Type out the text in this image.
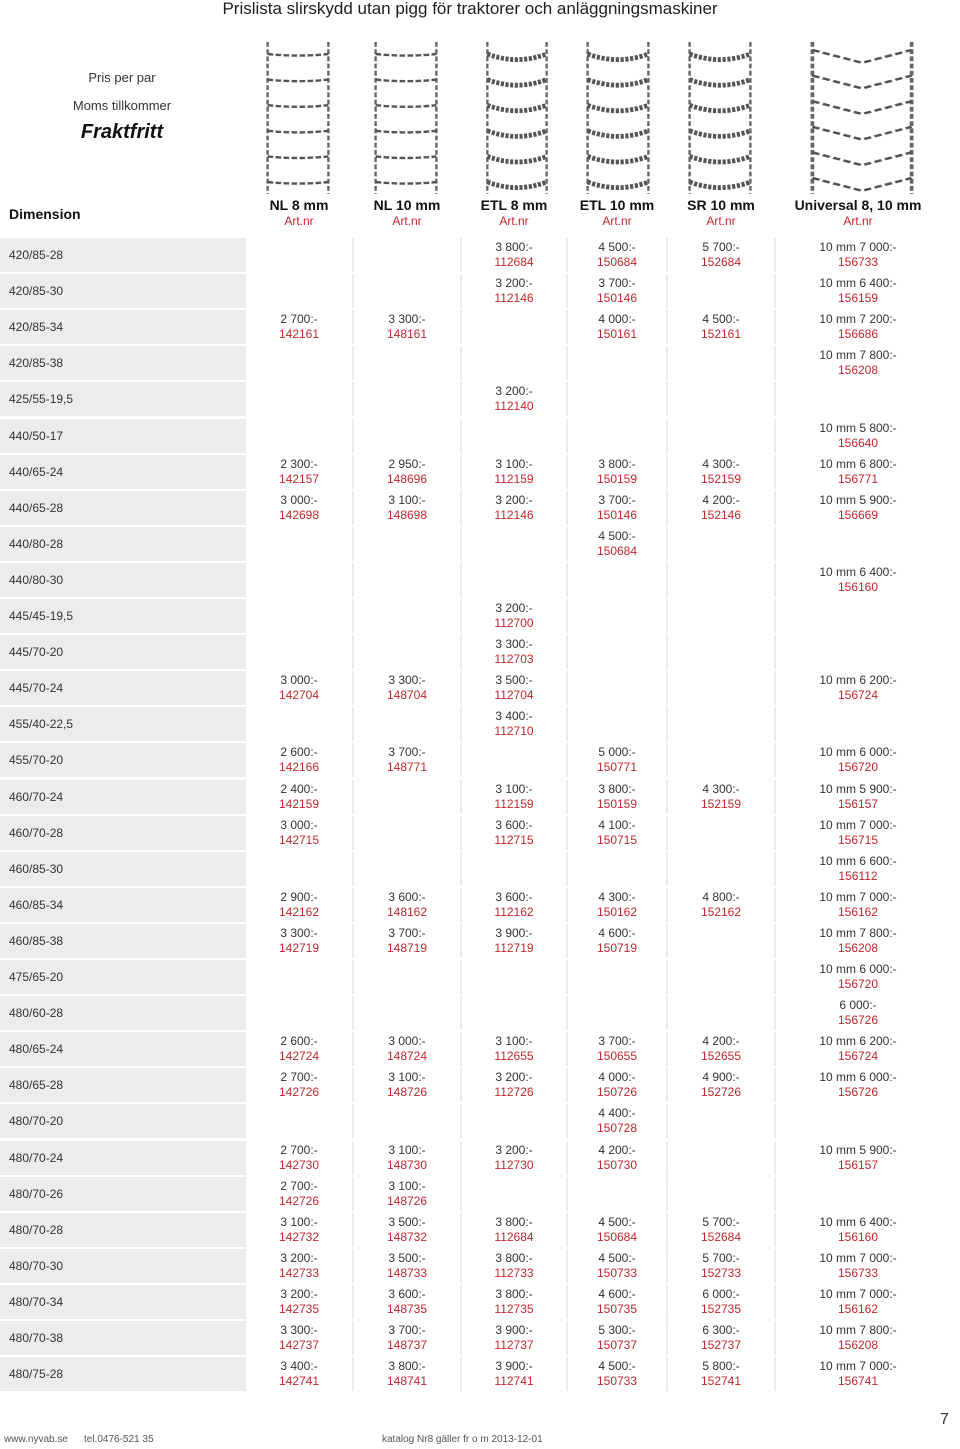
Prislista slirskydd utan pigg för traktorer och anläggningsmaskiner
Pris per par
Moms tillkommer
Fraktfritt
Dimension
NL 8 mm
Art.nr
NL 10 mm
Art.nr
ETL 8 mm
Art.nr
ETL 10 mm
Art.nr
SR 10 mm
Art.nr
Universal 8, 10 mm
Art.nr
420/85-28
3 800:-
112684
4 500:-
150684
5 700:-
152684
10 mm 7 000:-
156733
420/85-30
3 200:-
112146
3 700:-
150146
10 mm 6 400:-
156159
420/85-34
2 700:-
142161
3 300:-
148161
4 000:-
150161
4 500:-
152161
10 mm 7 200:-
156686
420/85-38
10 mm 7 800:-
156208
425/55-19,5
3 200:-
112140
440/50-17
10 mm 5 800:-
156640
440/65-24
2 300:-
142157
2 950:-
148696
3 100:-
112159
3 800:-
150159
4 300:-
152159
10 mm 6 800:-
156771
440/65-28
3 000:-
142698
3 100:-
148698
3 200:-
112146
3 700:-
150146
4 200:-
152146
10 mm 5 900:-
156669
440/80-28
4 500:-
150684
440/80-30
10 mm 6 400:-
156160
445/45-19,5
3 200:-
112700
445/70-20
3 300:-
112703
445/70-24
3 000:-
142704
3 300:-
148704
3 500:-
112704
10 mm 6 200:-
156724
455/40-22,5
3 400:-
112710
455/70-20
2 600:-
142166
3 700:-
148771
5 000:-
150771
10 mm 6 000:-
156720
460/70-24
2 400:-
142159
3 100:-
112159
3 800:-
150159
4 300:-
152159
10 mm 5 900:-
156157
460/70-28
3 000:-
142715
3 600:-
112715
4 100:-
150715
10 mm 7 000:-
156715
460/85-30
10 mm 6 600:-
156112
460/85-34
2 900:-
142162
3 600:-
148162
3 600:-
112162
4 300:-
150162
4 800:-
152162
10 mm 7 000:-
156162
460/85-38
3 300:-
142719
3 700:-
148719
3 900:-
112719
4 600:-
150719
10 mm 7 800:-
156208
475/65-20
10 mm 6 000:-
156720
480/60-28
6 000:-
156726
480/65-24
2 600:-
142724
3 000:-
148724
3 100:-
112655
3 700:-
150655
4 200:-
152655
10 mm 6 200:-
156724
480/65-28
2 700:-
142726
3 100:-
148726
3 200:-
112726
4 000:-
150726
4 900:-
152726
10 mm 6 000:-
156726
480/70-20
4 400:-
150728
480/70-24
2 700:-
142730
3 100:-
148730
3 200:-
112730
4 200:-
150730
10 mm 5 900:-
156157
480/70-26
2 700:-
142726
3 100:-
148726
480/70-28
3 100:-
142732
3 500:-
148732
3 800:-
112684
4 500:-
150684
5 700:-
152684
10 mm 6 400:-
156160
480/70-30
3 200:-
142733
3 500:-
148733
3 800:-
112733
4 500:-
150733
5 700:-
152733
10 mm 7 000:-
156733
480/70-34
3 200:-
142735
3 600:-
148735
3 800:-
112735
4 600:-
150735
6 000:-
152735
10 mm 7 000:-
156162
480/70-38
3 300:-
142737
3 700:-
148737
3 900:-
112737
5 300:-
150737
6 300:-
152737
10 mm 7 800:-
156208
480/75-28
3 400:-
142741
3 800:-
148741
3 900:-
112741
4 500:-
150733
5 800:-
152741
10 mm 7 000:-
156741
www.nyvab.se tel.0476-521 35	katalog Nr8 gäller fr o m 2013-12-01
7
